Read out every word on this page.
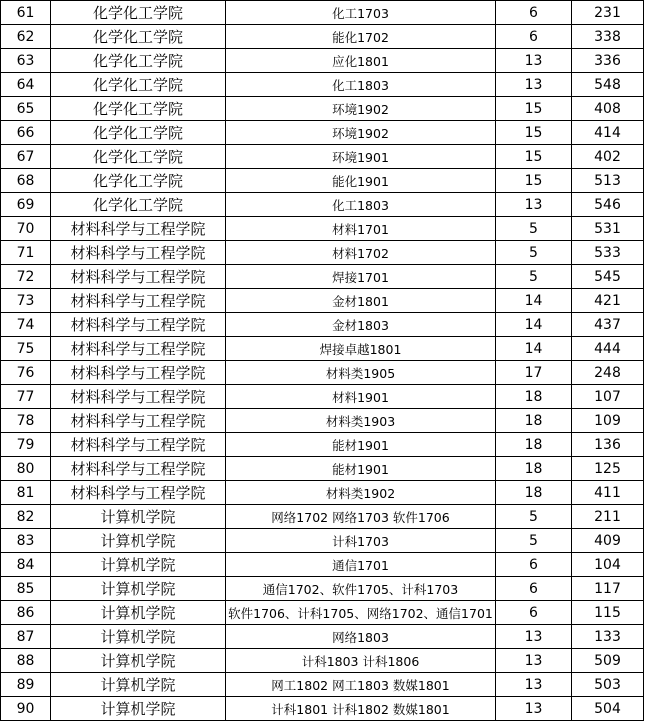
61	化学化工学院	化工1703	6	231
62	化学化工学院	能化1702	6	338
63	化学化工学院	应化1801	13	336
64	化学化工学院	化工1803	13	548
65	化学化工学院	环境1902	15	408
66	化学化工学院	环境1902	15	414
67	化学化工学院	环境1901	15	402
68	化学化工学院	能化1901	15	513
69	化学化工学院	化工1803	13	546
70	材料科学与工程学院	材料1701	5	531
71	材料科学与工程学院	材料1702	5	533
72	材料科学与工程学院	焊接1701	5	545
73	材料科学与工程学院	金材1801	14	421
74	材料科学与工程学院	金材1803	14	437
75	材料科学与工程学院	焊接卓越1801	14	444
76	材料科学与工程学院	材料类1905	17	248
77	材料科学与工程学院	材料1901	18	107
78	材料科学与工程学院	材料类1903	18	109
79	材料科学与工程学院	能材1901	18	136
80	材料科学与工程学院	能材1901	18	125
81	材料科学与工程学院	材料类1902	18	411
82	计算机学院	网络1702 网络1703 软件1706	5	211
83	计算机学院	计科1703	5	409
84	计算机学院	通信1701	6	104
85	计算机学院	通信1702、软件1705、计科1703	6	117
86	计算机学院	软件1706、计科1705、网络1702、通信1701	6	115
87	计算机学院	网络1803	13	133
88	计算机学院	计科1803 计科1806	13	509
89	计算机学院	网工1802 网工1803 数媒1801	13	503
90	计算机学院	计科1801 计科1802 数媒1801	13	504
